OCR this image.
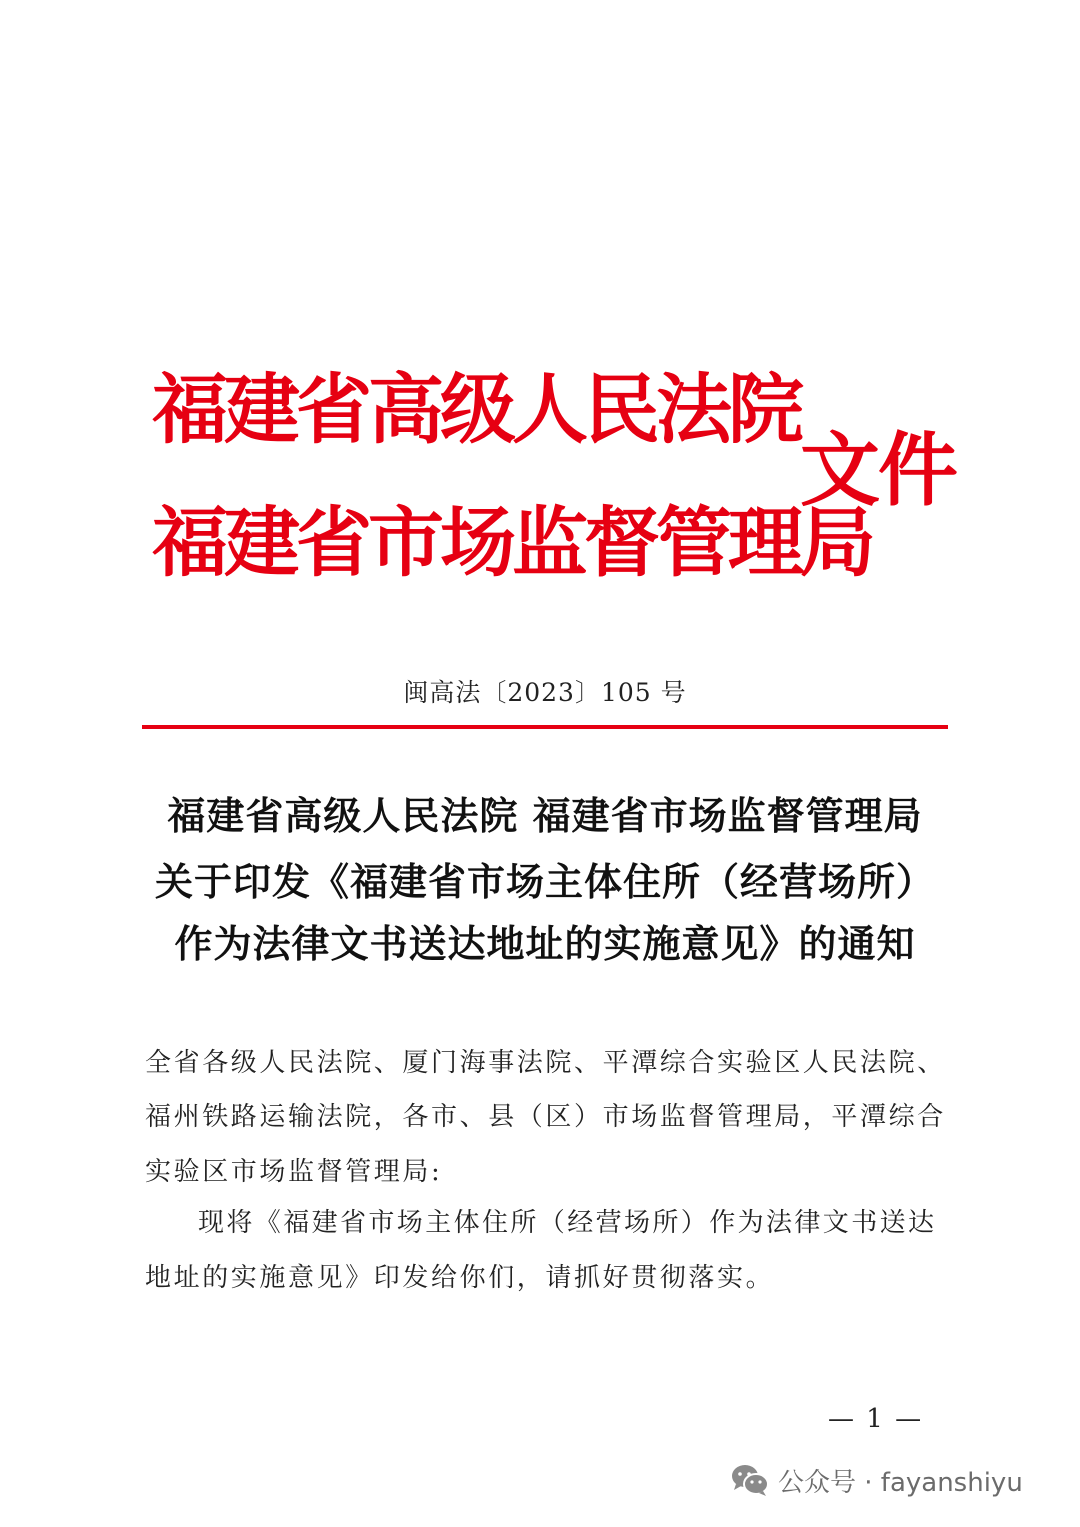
福建省高级人民法院
福建省市场监督管理局
文件
闽高法〔2023〕105 号
福建省高级人民法院 福建省市场监督管理局
关于印发《福建省市场主体住所（经营场所）
作为法律文书送达地址的实施意见》的通知
全省各级人民法院、厦门海事法院、平潭综合实验区人民法院、
福州铁路运输法院，各市、县（区）市场监督管理局，平潭综合
实验区市场监督管理局:
现将《福建省市场主体住所（经营场所）作为法律文书送达
地址的实施意见》印发给你们，请抓好贯彻落实。
— 1 —
公众号 · fayanshiyu
